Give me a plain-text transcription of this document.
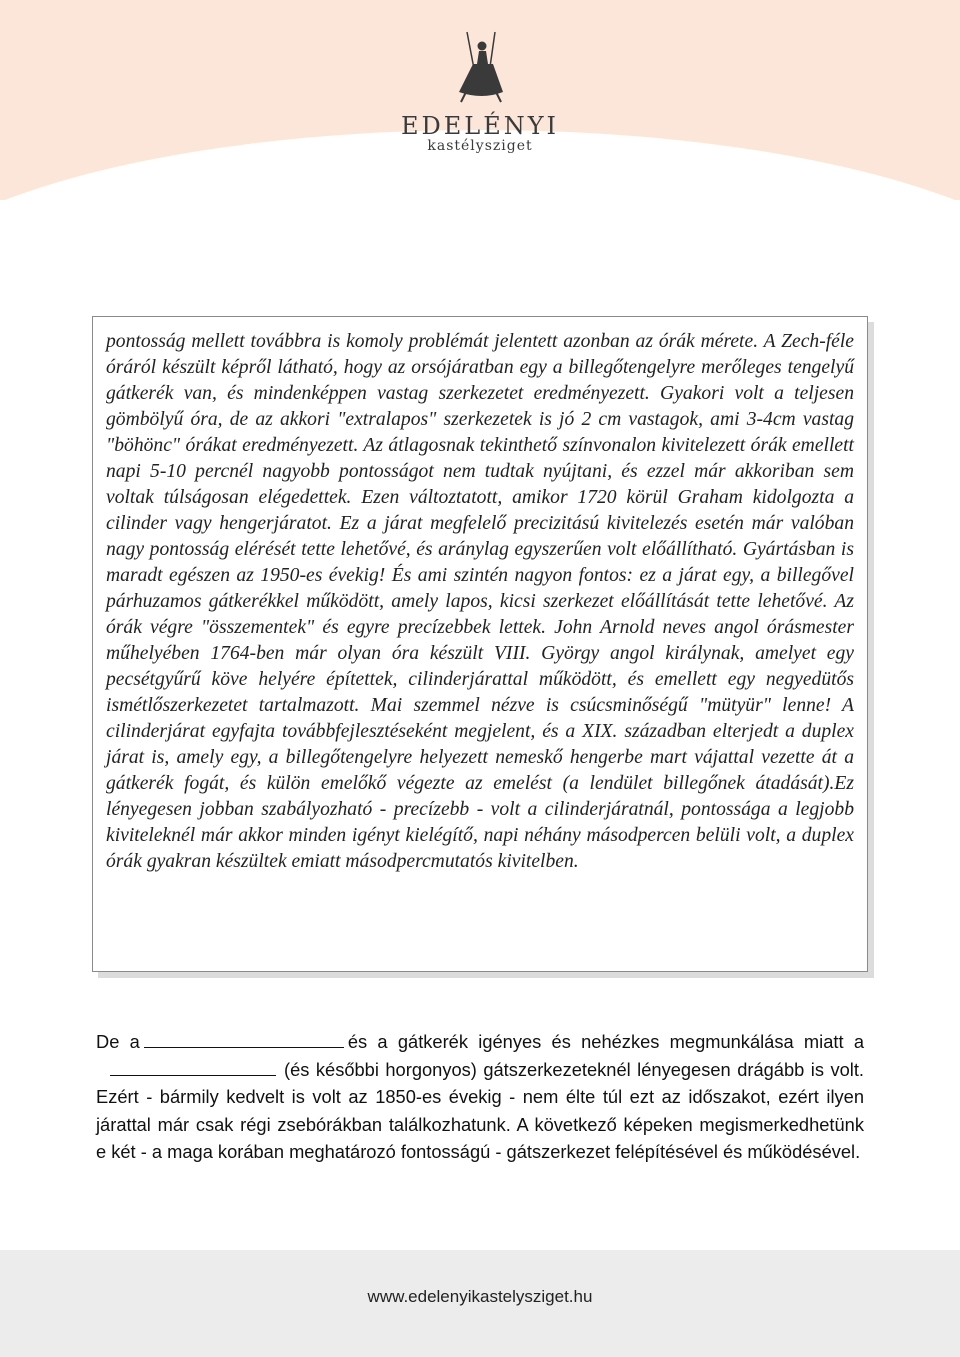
EDELÉNYI
kastélysziget

pontosság mellett továbbra is komoly problémát jelentett azonban az órák mérete. A Zech-féle óráról készült képről látható, hogy az orsójáratban egy a billegőtengelyre merőleges tengelyű gátkerék van, és mindenképpen vastag szerkezetet eredményezett. Gyakori volt a teljesen gömbölyű óra, de az akkori "extralapos" szerkezetek is jó 2 cm vastagok, ami 3-4cm vastag "böhönc" órákat eredményezett. Az átlagosnak tekinthető színvonalon kivitelezett órák emellett napi 5-10 percnél nagyobb pontosságot nem tudtak nyújtani, és ezzel már akkoriban sem voltak túlságosan elégedettek. Ezen változtatott, amikor 1720 körül Graham kidolgozta a cilinder vagy hengerjáratot. Ez a járat megfelelő precizitású kivitelezés esetén már valóban nagy pontosság elérését tette lehetővé, és aránylag egyszerűen volt előállítható. Gyártásban is maradt egészen az 1950-es évekig! És ami szintén nagyon fontos: ez a járat egy, a billegővel párhuzamos gátkerékkel működött, amely lapos, kicsi szerkezet előállítását tette lehetővé. Az órák végre "összementek" és egyre precízebbek lettek. John Arnold neves angol órásmester műhelyében 1764-ben már olyan óra készült VIII. György angol királynak, amelyet egy pecsétgyűrű köve helyére építettek, cilinderjárattal működött, és emellett egy negyedütős ismétlőszerkezetet tartalmazott. Mai szemmel nézve is csúcsminőségű "mütyür" lenne! A cilinderjárat egyfajta továbbfejlesztéseként megjelent, és a XIX. században elterjedt a duplex járat is, amely egy, a billegőtengelyre helyezett nemeskő hengerbe mart vájattal vezette át a gátkerék fogát, és külön emelőkő végezte az emelést (a lendület billegőnek átadását).Ez lényegesen jobban szabályozható - precízebb - volt a cilinderjáratnál, pontossága a legjobb kiviteleknél már akkor minden igényt kielégítő, napi néhány másodpercen belüli volt, a duplex órák gyakran készültek emiatt másodpercmutatós kivitelben.

De a	és a gátkerék igényes és nehézkes megmunkálása miatt a(és későbbi horgonyos) gátszerkezeteknél lényegesen drágább is volt. Ezért - bármily kedvelt is volt az 1850-es évekig - nem élte túl ezt az időszakot, ezért ilyen járattal már csak régi zsebórákban találkozhatunk. A következő képeken megismerkedhetünk e két - a maga korában meghatározó fontosságú - gátszerkezet felépítésével és működésével.

www.edelenyikastelysziget.hu
